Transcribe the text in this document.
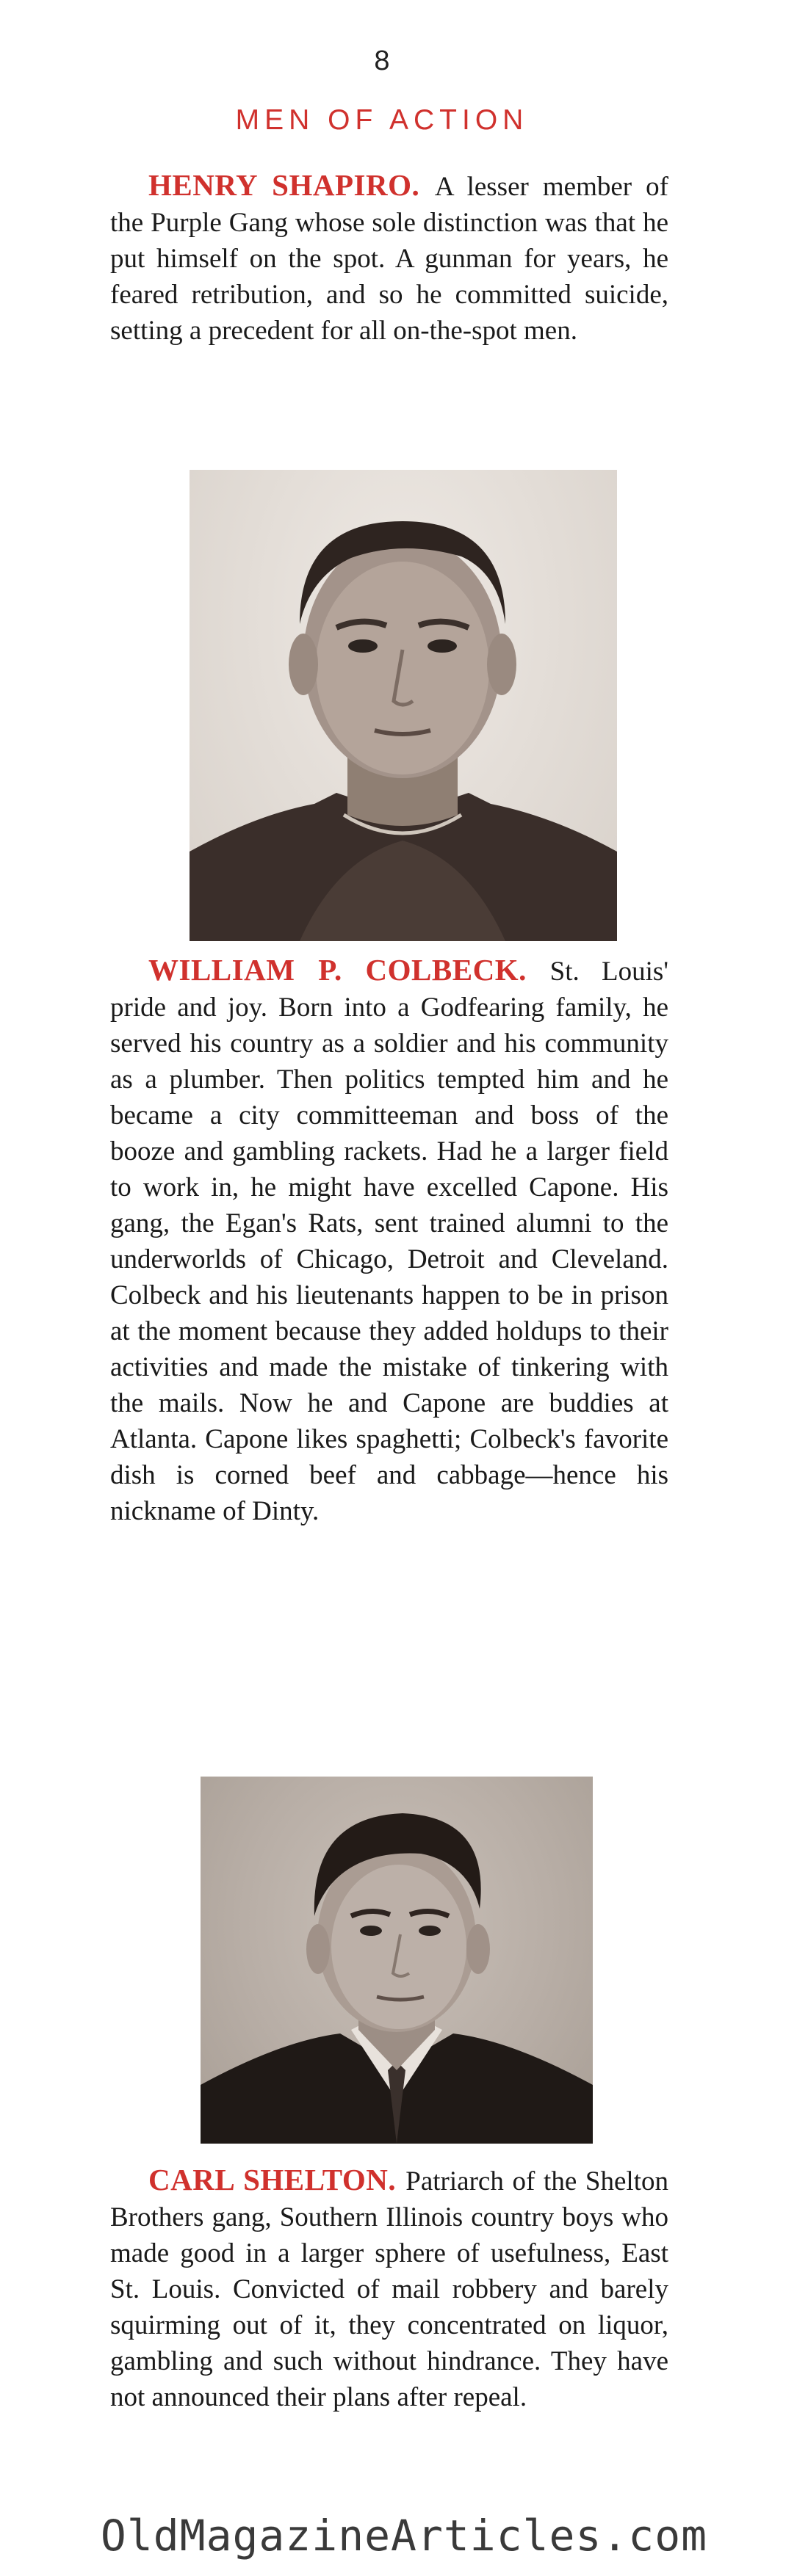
8
MEN OF ACTION
HENRY SHAPIRO. A lesser member of the Purple Gang whose sole distinction was that he put himself on the spot. A gunman for years, he feared retribution, and so he committed suicide, setting a precedent for all on-the-spot men.
WILLIAM P. COLBECK. St. Louis' pride and joy. Born into a Godfearing family, he served his country as a soldier and his community as a plumber. Then politics tempted him and he became a city committeeman and boss of the booze and gambling rackets. Had he a larger field to work in, he might have excelled Capone. His gang, the Egan's Rats, sent trained alumni to the underworlds of Chicago, Detroit and Cleveland. Colbeck and his lieutenants happen to be in prison at the moment because they added holdups to their activities and made the mistake of tinkering with the mails. Now he and Capone are buddies at Atlanta. Capone likes spaghetti; Colbeck's favorite dish is corned beef and cabbage—hence his nickname of Dinty.
CARL SHELTON. Patriarch of the Shelton Brothers gang, Southern Illinois country boys who made good in a larger sphere of usefulness, East St. Louis. Convicted of mail robbery and barely squirming out of it, they concentrated on liquor, gambling and such without hindrance. They have not announced their plans after repeal.
OldMagazineArticles.com
